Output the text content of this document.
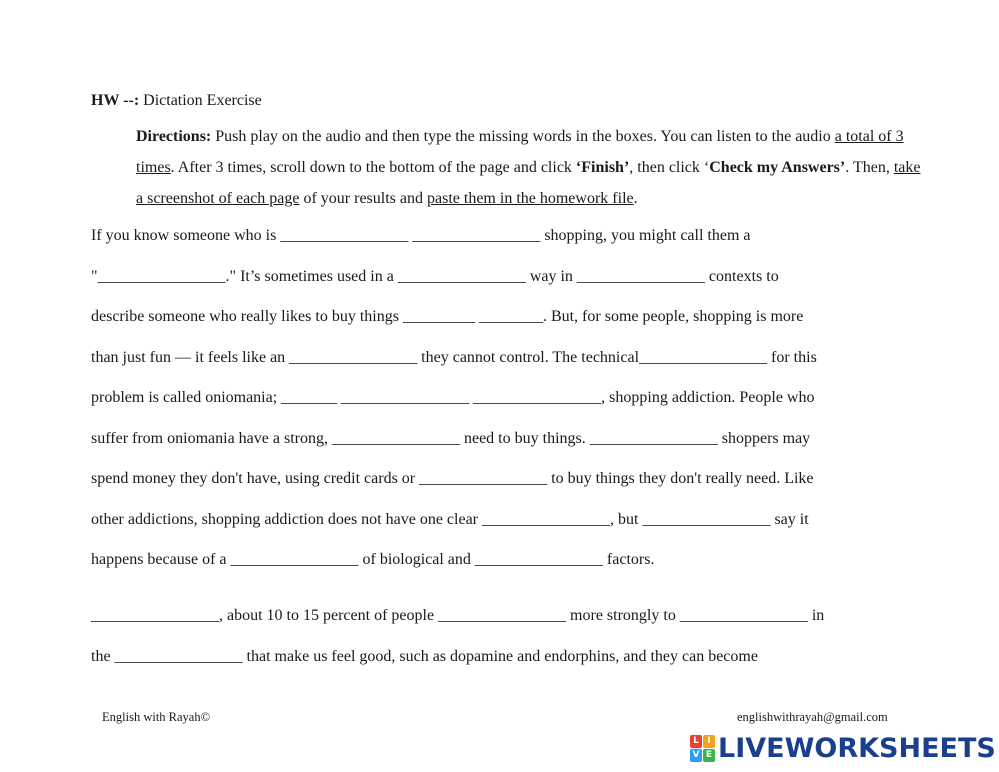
HW --: Dictation Exercise
Directions: Push play on the audio and then type the missing words in the boxes. You can listen to the audio a total of 3 times. After 3 times, scroll down to the bottom of the page and click ‘Finish’, then click ‘Check my Answers’. Then, take a screenshot of each page of your results and paste them in the homework file.
If you know someone who is ________________ ________________ shopping, you might call them a
"________________." It’s sometimes used in a ________________ way in ________________ contexts to
describe someone who really likes to buy things _________ ________. But, for some people, shopping is more
than just fun — it feels like an ________________ they cannot control. The technical________________ for this
problem is called oniomania; _______ ________________ ________________, shopping addiction. People who
suffer from oniomania have a strong, ________________ need to buy things. ________________ shoppers may
spend money they don't have, using credit cards or ________________ to buy things they don't really need. Like
other addictions, shopping addiction does not have one clear ________________, but ________________ say it
happens because of a ________________ of biological and ________________ factors.
________________, about 10 to 15 percent of people ________________ more strongly to ________________ in
the ________________ that make us feel good, such as dopamine and endorphins, and they can become
English with Rayah©	englishwithrayah@gmail.com
L I
V E LIVEWORKSHEETS
